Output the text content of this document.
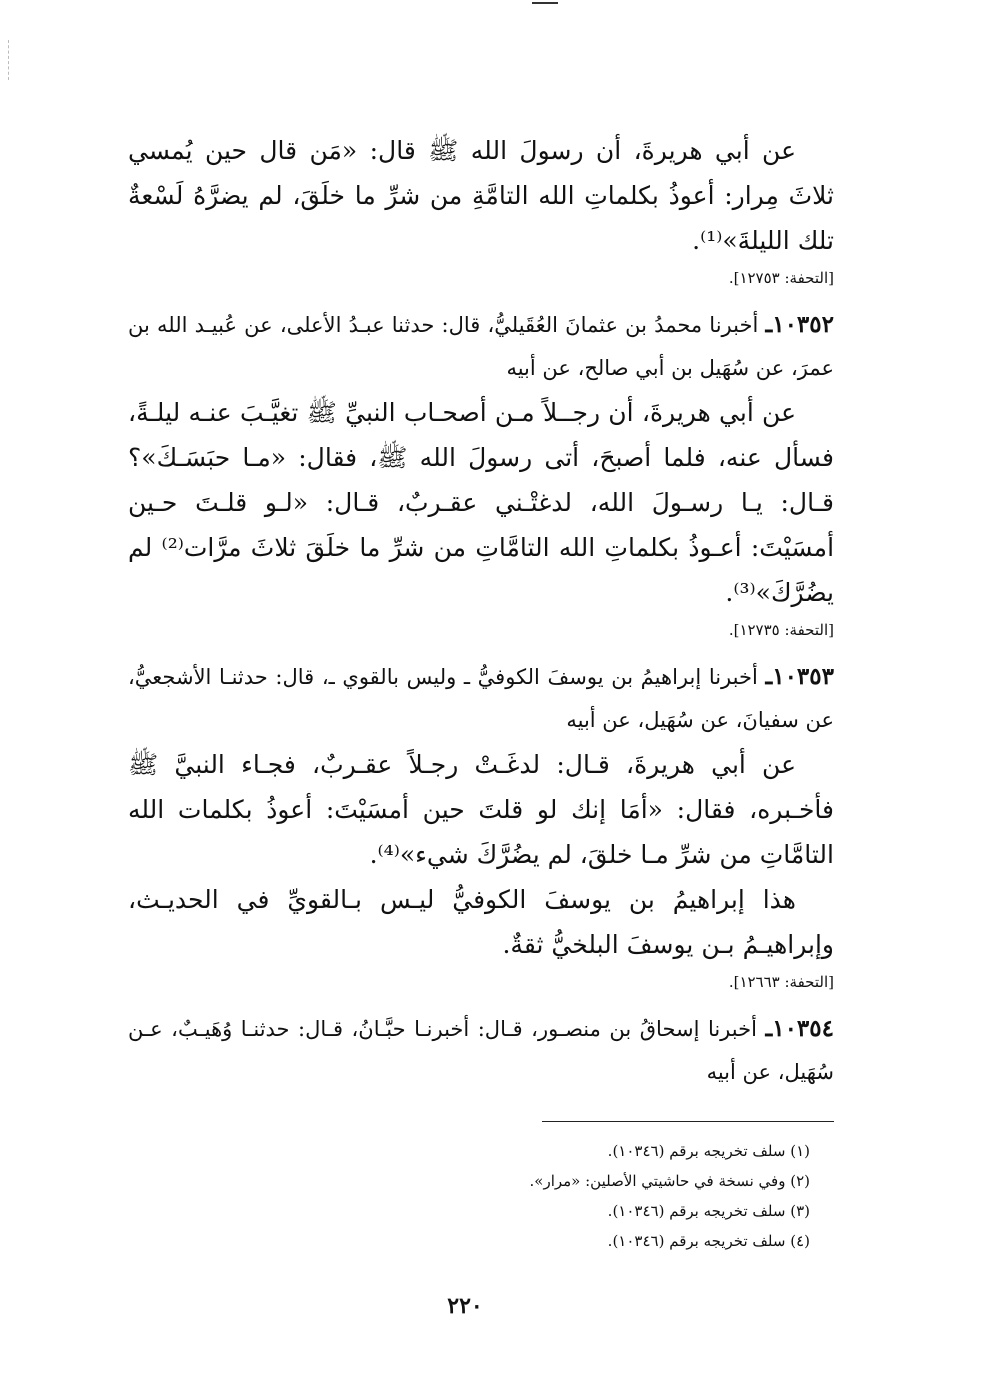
عن أبي هريرةَ، أن رسولَ الله ﷺ قال: «مَن قال حين يُمسي ثلاثَ مِرار: أعوذُ بكلماتِ الله التامَّةِ من شرِّ ما خلَقَ، لم يضرَّهُ لَسْعةٌ تلك الليلةَ»⁽¹⁾.

[التحفة: ١٢٧٥٣].

١٠٣٥٢ـ أخبرنا محمدُ بن عثمانَ العُقَيليُّ، قال: حدثنا عبـدُ الأعلى، عن عُبيـد الله بن عمرَ، عن سُهَيل بن أبي صالح، عن أبيه

عن أبي هريرةَ، أن رجــلاً مـن أصحـاب النبيِّ ﷺ تغيَّـبَ عنـه ليلـةً، فسأل عنه، فلما أصبحَ، أتى رسولَ الله ﷺ، فقال: «مـا حبَسَـكَ»؟ قـال: يـا رسـولَ الله، لدغتْـني عقـربٌ، قـال: «لـو قلـتَ حـين أمسَيْتَ: أعـوذُ بكلماتِ الله التامَّاتِ من شرِّ ما خلَقَ ثلاثَ مرَّات⁽²⁾ لم يضُرَّكَ»⁽³⁾.

[التحفة: ١٢٧٣٥].

١٠٣٥٣ـ أخبرنا إبراهيمُ بن يوسفَ الكوفيُّ ـ وليس بالقوي ـ، قال: حدثنـا الأشجعيُّ، عن سفيانَ، عن سُهَيل، عن أبيه

عن أبي هريرةَ، قـال: لدغَـتْ رجـلاً عقـربٌ، فجـاء النبيَّ ﷺ فأخـبره، فقال: «أمَا إنك لو قلتَ حين أمسَيْتَ: أعوذُ بكلمات الله التامَّاتِ من شرِّ مـا خلقَ، لم يضُرَّكَ شيء»⁽⁴⁾.

هذا إبراهيمُ بن يوسفَ الكوفيُّ ليـس بـالقويِّ في الحديـث، وإبراهيـمُ بـن يوسفَ البلخيُّ ثقةٌ.

[التحفة: ١٢٦٦٣].

١٠٣٥٤ـ أخبرنا إسحاقُ بن منصـور، قـال: أخبرنـا حبَّـانُ، قـال: حدثنـا وُهَيـبٌ، عـن سُهَيل، عن أبيه

(١) سلف تخريجه برقم (١٠٣٤٦).

(٢) وفي نسخة في حاشيتي الأصلين: «مرار».

(٣) سلف تخريجه برقم (١٠٣٤٦).

(٤) سلف تخريجه برقم (١٠٣٤٦).

٢٢٠
